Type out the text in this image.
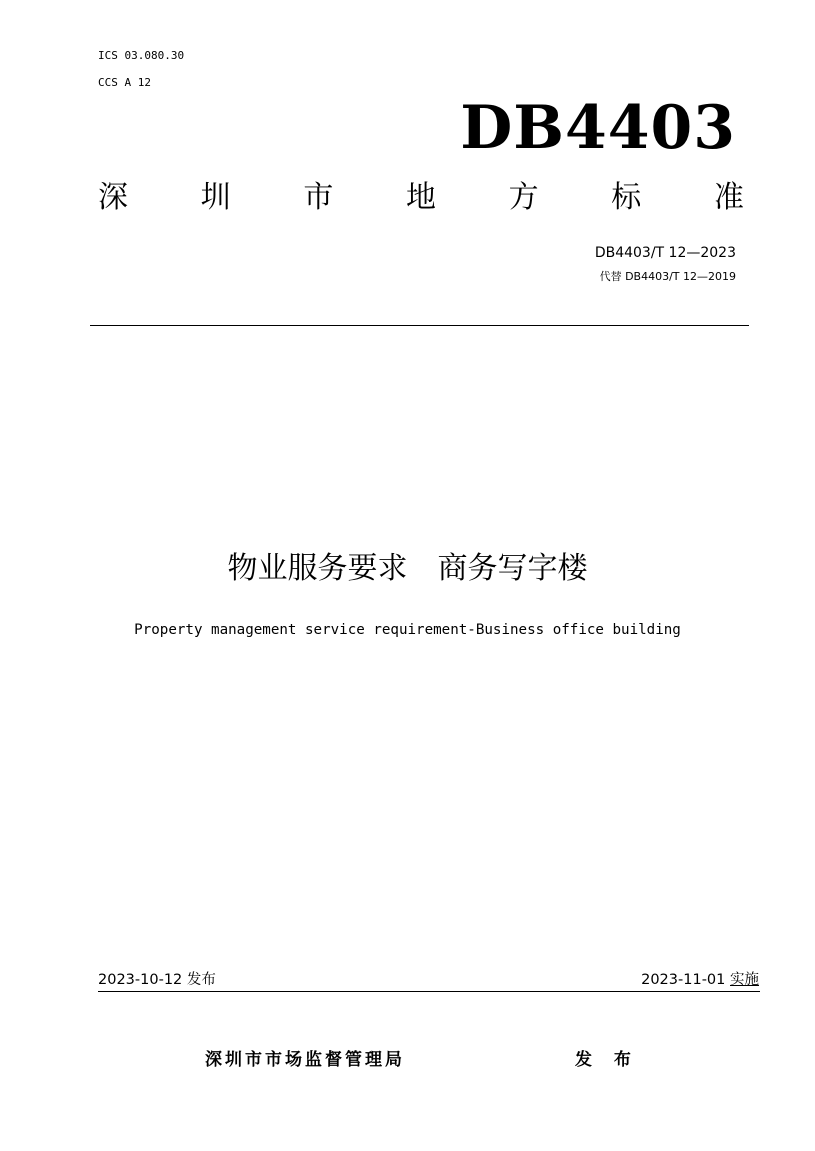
ICS 03.080.30
CCS A 12
DB4403
深 圳 市 地 方 标 准
DB4403/T 12—2023
代替 DB4403/T 12—2019
物业服务要求 商务写字楼
Property management service requirement-Business office building
2023-10-12 发布	2023-11-01 实施
深圳市市场监督管理局	发 布
